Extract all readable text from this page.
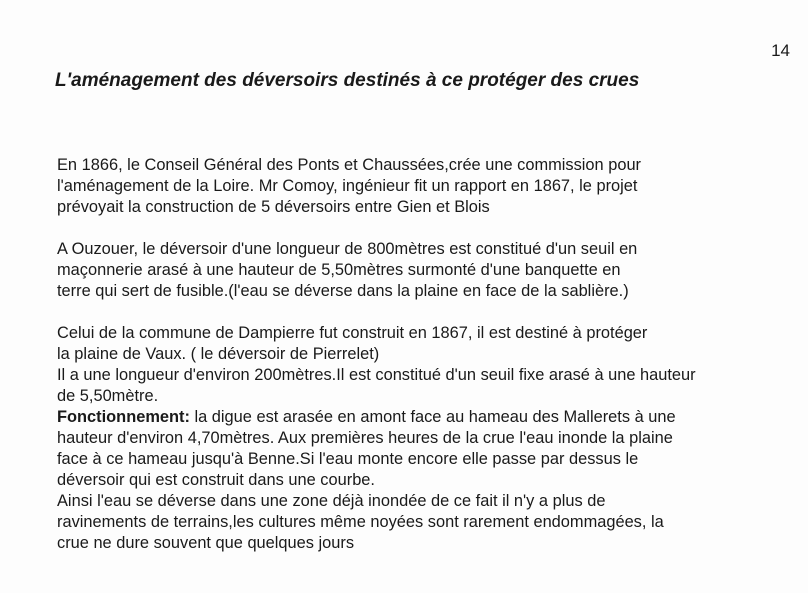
14
L'aménagement des déversoirs destinés à ce protéger des crues

En 1866, le Conseil Général des Ponts et Chaussées,crée une commission pour
l'aménagement de la Loire. Mr Comoy, ingénieur fit un rapport en 1867, le projet
prévoyait la construction de 5 déversoirs entre Gien et Blois

A Ouzouer, le déversoir d'une longueur de 800mètres est constitué d'un seuil en
maçonnerie arasé à une hauteur de 5,50mètres surmonté d'une banquette en
terre qui sert de fusible.(l'eau se déverse dans la plaine en face de la sablière.)

Celui de la commune de Dampierre fut construit en 1867, il est destiné à protéger
la plaine de Vaux. ( le déversoir de Pierrelet)
Il a une longueur d'environ 200mètres.Il est constitué d'un seuil fixe arasé à une hauteur
de 5,50mètre.

Fonctionnement: la digue est arasée en amont face au hameau des Mallerets à une
hauteur d'environ 4,70mètres. Aux premières heures de la crue l'eau inonde la plaine
face à ce hameau jusqu'à Benne.Si l'eau monte encore elle passe par dessus le
déversoir qui est construit dans une courbe.
Ainsi l'eau se déverse dans une zone déjà inondée de ce fait il n'y a plus de
ravinements de terrains,les cultures même noyées sont rarement endommagées, la
crue ne dure souvent que quelques jours
